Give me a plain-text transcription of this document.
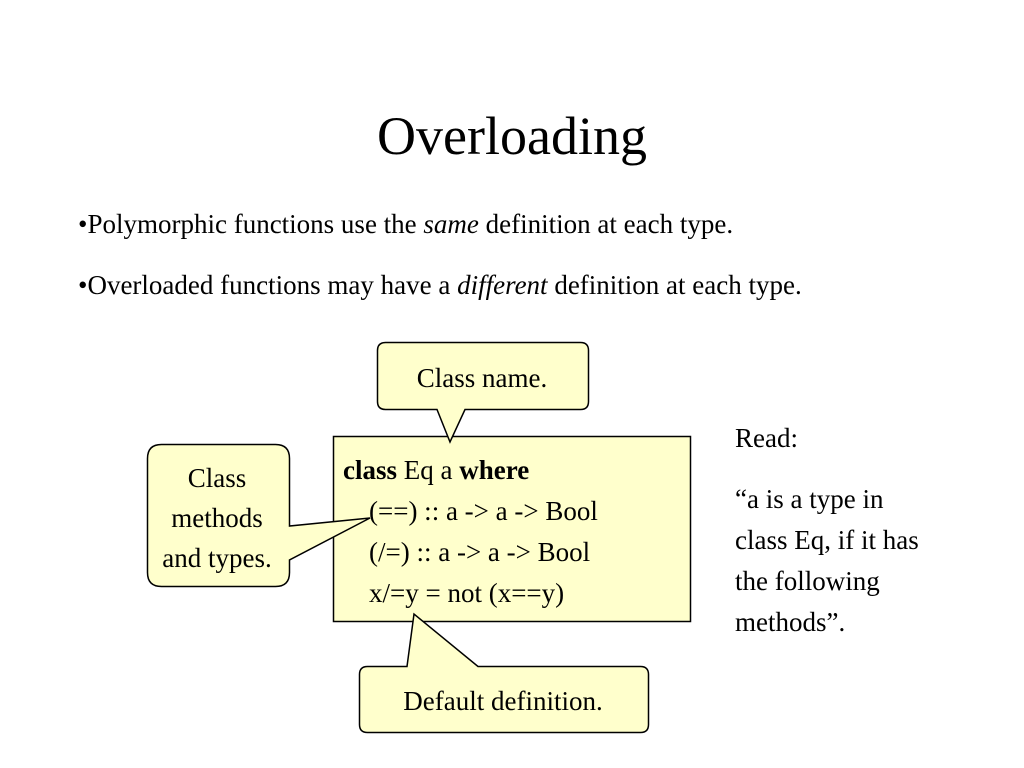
Overloading
•Polymorphic functions use the same definition at each type.
•Overloaded functions may have a different definition at each type.
class Eq a where
(==) :: a -> a -> Bool
(/=) :: a -> a -> Bool
x/=y = not (x==y)
Class name.
Class
methods
and types.
Default definition.
Read:
“a is a type in
class Eq, if it has
the following
methods”.
